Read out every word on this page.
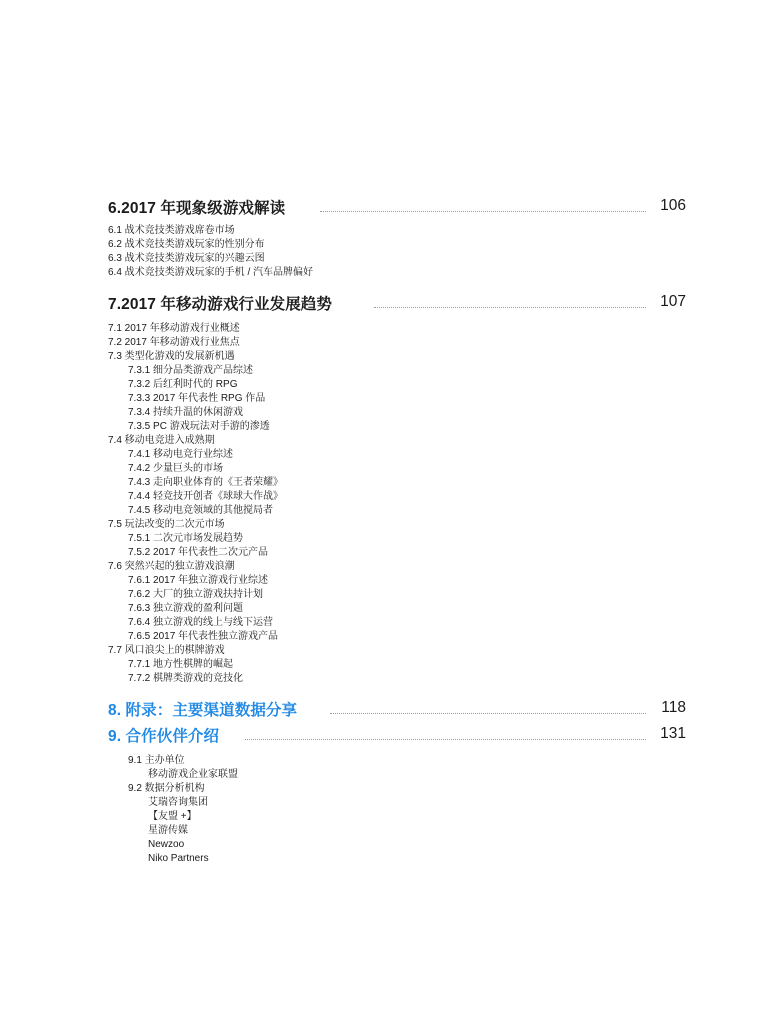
6.2017 年现象级游戏解读	106
6.1 战术竞技类游戏席卷市场
6.2 战术竞技类游戏玩家的性别分布
6.3 战术竞技类游戏玩家的兴趣云图
6.4 战术竞技类游戏玩家的手机 / 汽车品牌偏好
7.2017 年移动游戏行业发展趋势	107
7.1 2017 年移动游戏行业概述
7.2 2017 年移动游戏行业焦点
7.3 类型化游戏的发展新机遇
7.3.1 细分品类游戏产品综述
7.3.2 后红利时代的 RPG
7.3.3 2017 年代表性 RPG 作品
7.3.4 持续升温的休闲游戏
7.3.5 PC 游戏玩法对手游的渗透
7.4 移动电竞进入成熟期
7.4.1 移动电竞行业综述
7.4.2 少量巨头的市场
7.4.3 走向职业体育的《王者荣耀》
7.4.4 轻竞技开创者《球球大作战》
7.4.5 移动电竞领域的其他搅局者
7.5 玩法改变的二次元市场
7.5.1 二次元市场发展趋势
7.5.2 2017 年代表性二次元产品
7.6 突然兴起的独立游戏浪潮
7.6.1 2017 年独立游戏行业综述
7.6.2 大厂的独立游戏扶持计划
7.6.3 独立游戏的盈利问题
7.6.4 独立游戏的线上与线下运营
7.6.5 2017 年代表性独立游戏产品
7.7 风口浪尖上的棋牌游戏
7.7.1 地方性棋牌的崛起
7.7.2 棋牌类游戏的竞技化
8. 附录：主要渠道数据分享	118
9. 合作伙伴介绍	131
9.1 主办单位
移动游戏企业家联盟
9.2 数据分析机构
艾瑞咨询集团
【友盟 +】
星游传媒
Newzoo
Niko Partners
